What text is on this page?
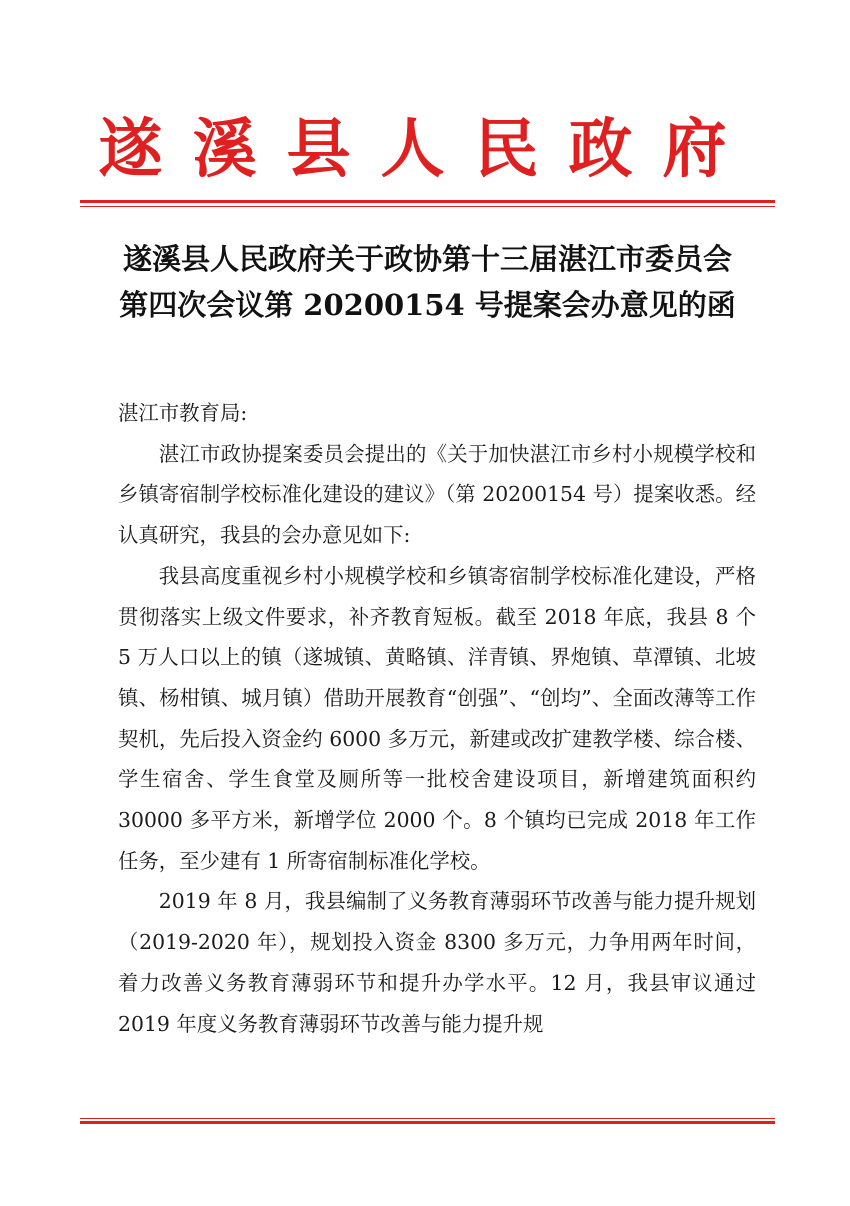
遂溪县人民政府
遂溪县人民政府关于政协第十三届湛江市委员会
第四次会议第 20200154 号提案会办意见的函
湛江市教育局:

湛江市政协提案委员会提出的《关于加快湛江市乡村小规模学校和乡镇寄宿制学校标准化建设的建议》（第 20200154 号）提案收悉。经认真研究，我县的会办意见如下:

我县高度重视乡村小规模学校和乡镇寄宿制学校标准化建设，严格贯彻落实上级文件要求，补齐教育短板。截至 2018 年底，我县 8 个 5 万人口以上的镇（遂城镇、黄略镇、洋青镇、界炮镇、草潭镇、北坡镇、杨柑镇、城月镇）借助开展教育“创强”、“创均”、全面改薄等工作契机，先后投入资金约 6000 多万元，新建或改扩建教学楼、综合楼、学生宿舍、学生食堂及厕所等一批校舍建设项目，新增建筑面积约 30000 多平方米，新增学位 2000 个。8 个镇均已完成 2018 年工作任务，至少建有 1 所寄宿制标准化学校。

2019 年 8 月，我县编制了义务教育薄弱环节改善与能力提升规划（2019-2020 年），规划投入资金 8300 多万元，力争用两年时间，着力改善义务教育薄弱环节和提升办学水平。12 月，我县审议通过 2019 年度义务教育薄弱环节改善与能力提升规
